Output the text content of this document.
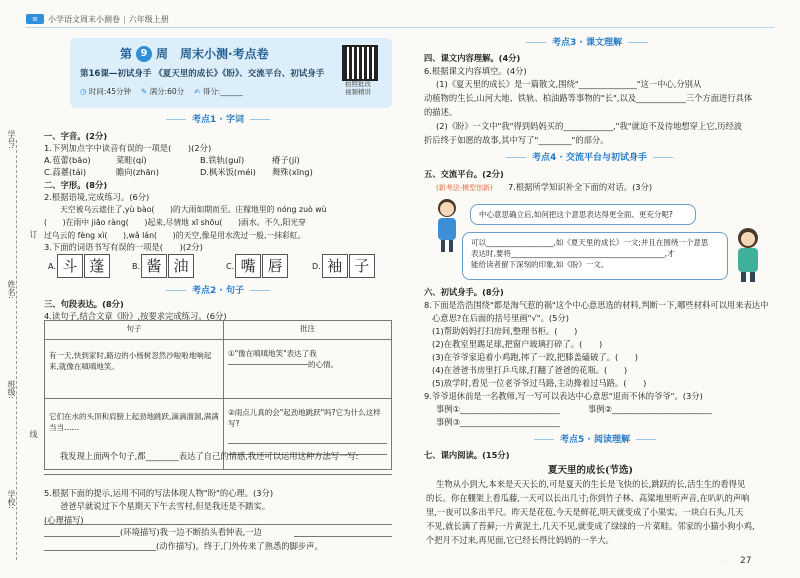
≡	小学语文周末小测卷 | 六年级上册
学号:
姓名:
班级:
学校:
订
线
第 9 周 周末小测·考点卷
第16课—初试身手 《夏天里的成长》《盼》、交流平台、初试身手
◷ 时间:45分钟　 ✎ 满分:60分　 ✍ 得分:______
拍照批改
视频精讲
考点1 · 字词
一、字音。(2分)
1.下列加点字中读音有误的一项是(　　)(2分)
A.苞蕾(bāo)	菜畦(qí)	B.铁轨(guǐ)	瘠子(jí)
C.蒜薹(tái)	瞻向(zhān)	D.枫米饭(méi) 舞殊(xīng)
二、字形。(8分)
2.根据语境,完成练习。(6分)
天空被乌云遮住了,yù bào(　　)的大雨如期而至。庄稼地里的 nóng zuò wù
(　　)在雨中 jiāo ràng(　　)起来,尽情地 xī shōu(　　)雨水。不久,阳光穿
过乌云的 fèng xì(　　),wǎ lán(　　)的天空,像是用水洗过一般,一抹彩虹。
3.下面的词语书写有误的一项是(　　)(2分)
A. 斗 蓬	B. 酱 油	C. 嘴 唇	D. 袖 子
考点2 · 句子
三、句段表达。(8分)
4.读句子,结合文章《盼》,按要求完成练习。(6分)
句子	批注
有一天,快到家时,路边的小杨树忽然沙啦啦地响起来,就像在嗔嗔地笑。	①"像在嗔嗔地笑"表达了我
的心情。
它们在水的头顶和肩膀上起劲地跳跃,滴滴溜溜,满满当当……	②雨点儿真的会"起劲地跳跃"吗?它为什么这样写?
我发现上面两个句子,都________表达了自己的情感,我还可以运用这种方法写一写:
5.根据下面的提示,运用不同的写法体现人物"盼"的心理。(3分)
爸爸早就说过下个星期天下午去雪村,但是我还是不踏实。
(心理描写)
(环境描写)我一边不断抬头看钟表,一边
(动作描写)。终于,门外传来了熟悉的脚步声。
考点3 · 课文理解
四、课文内容理解。(4分)
6.根据课文内容填空。(4分)
(1)《夏天里的成长》是一篇散文,围绕"______________"这一中心,分别从
动植物的生长,山河大地、铁轨、柏油路等事物的"长",以及____________三个方面进行具体
的描述。
(2)《盼》一文中"我"得到妈妈买的____________,"我"就迫不及待地想穿上它,历经波
折后终于如愿的故事,其中写了"________"的部分。
考点4 · 交流平台与初试身手
五、交流平台。(2分)
(新考法·模型创新)	7.根据所学知识补全下面的对话。(3分)
中心意思确立后,如何把这个意思表达得更全面、更充分呢?
可以__________________,如《夏天里的成长》一文;并且在围绕一个意思
表达时,要将_________________________________________,才
能给读者留下深刻的印象,如《盼》一文。
六、初试身手。(8分)
8.下面是浩浩围绕"都是淘气惹的祸"这个中心意思选的材料,判断一下,哪些材料可以用来表达中
心意思?在后面的括号里画"√"。(5分)
(1)帮助妈妈打扫房间,整理书柜。(　　)
(2)在教室里踢足球,把窗户玻璃打碎了。(　　)
(3)在爷爷家追着小鸡跑,摔了一跤,把膝盖磕破了。(　　)
(4)在爸爸书房里打乒乓球,打翻了爸爸的花瓶。(　　)
(5)放学时,看见一位老爷爷过马路,主动搀着过马路。(　　)
9.爷爷退休前是一名教师,写一写可以表达中心意思"退而不休的爷爷"。(3分)
事例①________________________	事例②________________________
事例③________________________
考点5 · 阅读理解
七、课内阅读。(15分)
夏天里的成长(节选)
生物从小到大,本来是天天长的,可是夏天的生长是飞快的长,跳跃的长,活生生的看得见
的长。你在棚架上看瓜藤,一天可以长出几寸;你到竹子林、高粱地里听声音,在叭叭的声响
里,一夜可以多出半尺。昨天是花苞,今天是鲜花,明天就变成了小果实。一块白石头,几天
不见,就长满了苔藓;一片黄泥土,几天不见,就变成了绿绿的一片菜畦。邻家的小猫小狗小鸡,
个把月不过来,再见面,它已经长得比妈妈的一半大。
· · · 27
